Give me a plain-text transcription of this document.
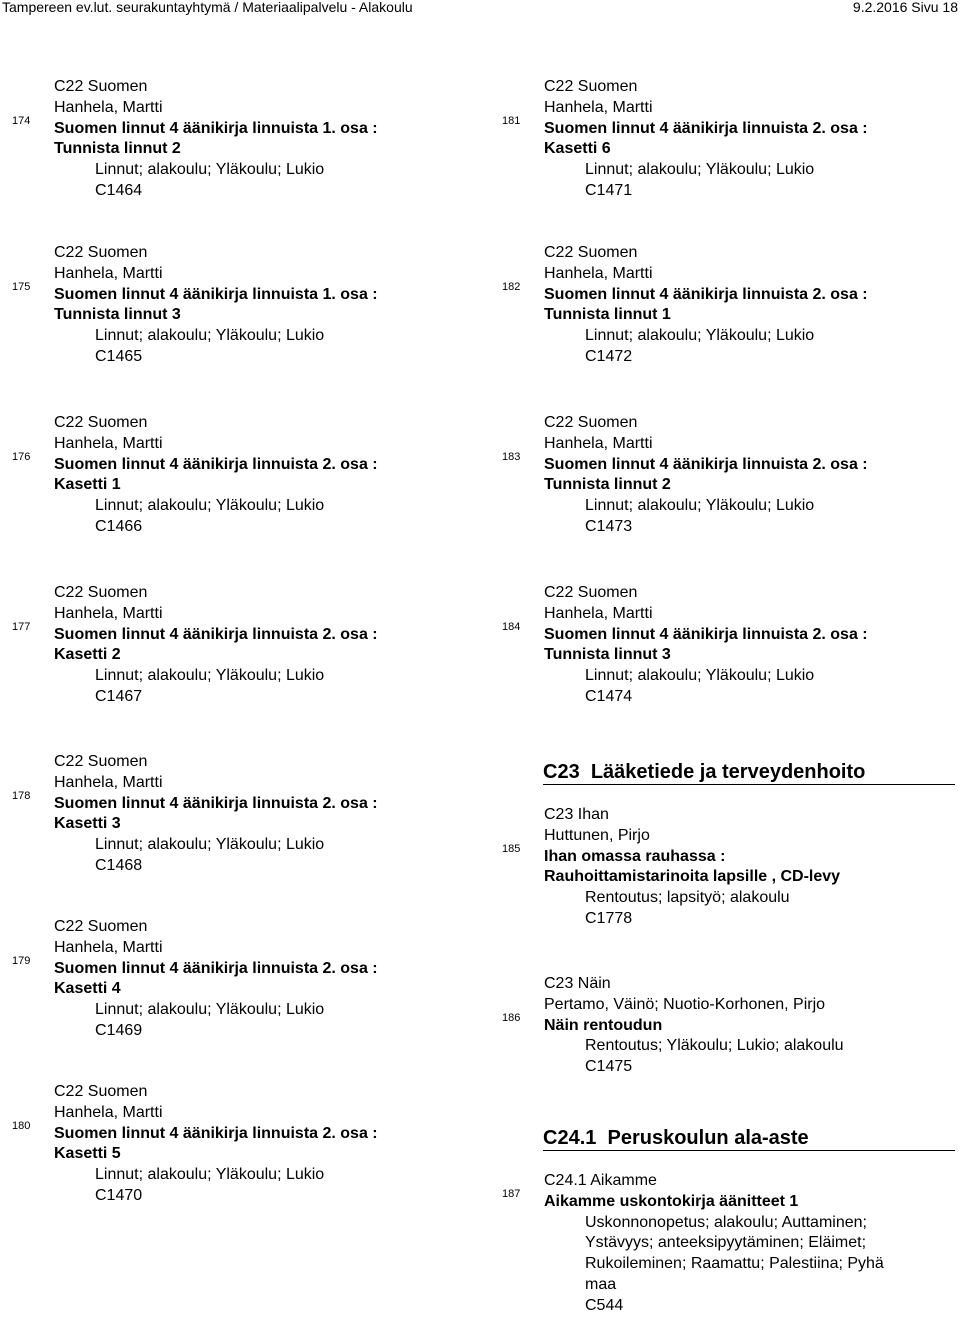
Tampereen ev.lut. seurakuntayhtymä / Materiaalipalvelu - Alakoulu	9.2.2016 Sivu 18
C22 Suomen
Hanhela, Martti
Suomen linnut 4 äänikirja linnuista 1. osa :
Tunnista linnut 2
Linnut; alakoulu; Yläkoulu; Lukio
C1464
174
C22 Suomen
Hanhela, Martti
Suomen linnut 4 äänikirja linnuista 1. osa :
Tunnista linnut 3
Linnut; alakoulu; Yläkoulu; Lukio
C1465
175
C22 Suomen
Hanhela, Martti
Suomen linnut 4 äänikirja linnuista 2. osa :
Kasetti 1
Linnut; alakoulu; Yläkoulu; Lukio
C1466
176
C22 Suomen
Hanhela, Martti
Suomen linnut 4 äänikirja linnuista 2. osa :
Kasetti 2
Linnut; alakoulu; Yläkoulu; Lukio
C1467
177
C22 Suomen
Hanhela, Martti
Suomen linnut 4 äänikirja linnuista 2. osa :
Kasetti 3
Linnut; alakoulu; Yläkoulu; Lukio
C1468
178
C22 Suomen
Hanhela, Martti
Suomen linnut 4 äänikirja linnuista 2. osa :
Kasetti 4
Linnut; alakoulu; Yläkoulu; Lukio
C1469
179
C22 Suomen
Hanhela, Martti
Suomen linnut 4 äänikirja linnuista 2. osa :
Kasetti 5
Linnut; alakoulu; Yläkoulu; Lukio
C1470
180
C22 Suomen
Hanhela, Martti
Suomen linnut 4 äänikirja linnuista 2. osa :
Kasetti 6
Linnut; alakoulu; Yläkoulu; Lukio
C1471
181
C22 Suomen
Hanhela, Martti
Suomen linnut 4 äänikirja linnuista 2. osa :
Tunnista linnut 1
Linnut; alakoulu; Yläkoulu; Lukio
C1472
182
C22 Suomen
Hanhela, Martti
Suomen linnut 4 äänikirja linnuista 2. osa :
Tunnista linnut 2
Linnut; alakoulu; Yläkoulu; Lukio
C1473
183
C22 Suomen
Hanhela, Martti
Suomen linnut 4 äänikirja linnuista 2. osa :
Tunnista linnut 3
Linnut; alakoulu; Yläkoulu; Lukio
C1474
184
C23 Ihan
Huttunen, Pirjo
Ihan omassa rauhassa :
Rauhoittamistarinoita lapsille , CD-levy
Rentoutus; lapsityö; alakoulu
C1778
185
C23 Näin
Pertamo, Väinö; Nuotio-Korhonen, Pirjo
Näin rentoudun
Rentoutus; Yläkoulu; Lukio; alakoulu
C1475
186
C24.1 Aikamme
Aikamme uskontokirja äänitteet 1
Uskonnonopetus; alakoulu; Auttaminen;
Ystävyys; anteeksipyytäminen; Eläimet;
Rukoileminen; Raamattu; Palestiina; Pyhä
maa
C544
187
C23 Lääketiede ja terveydenhoito
C24.1 Peruskoulun ala-aste
